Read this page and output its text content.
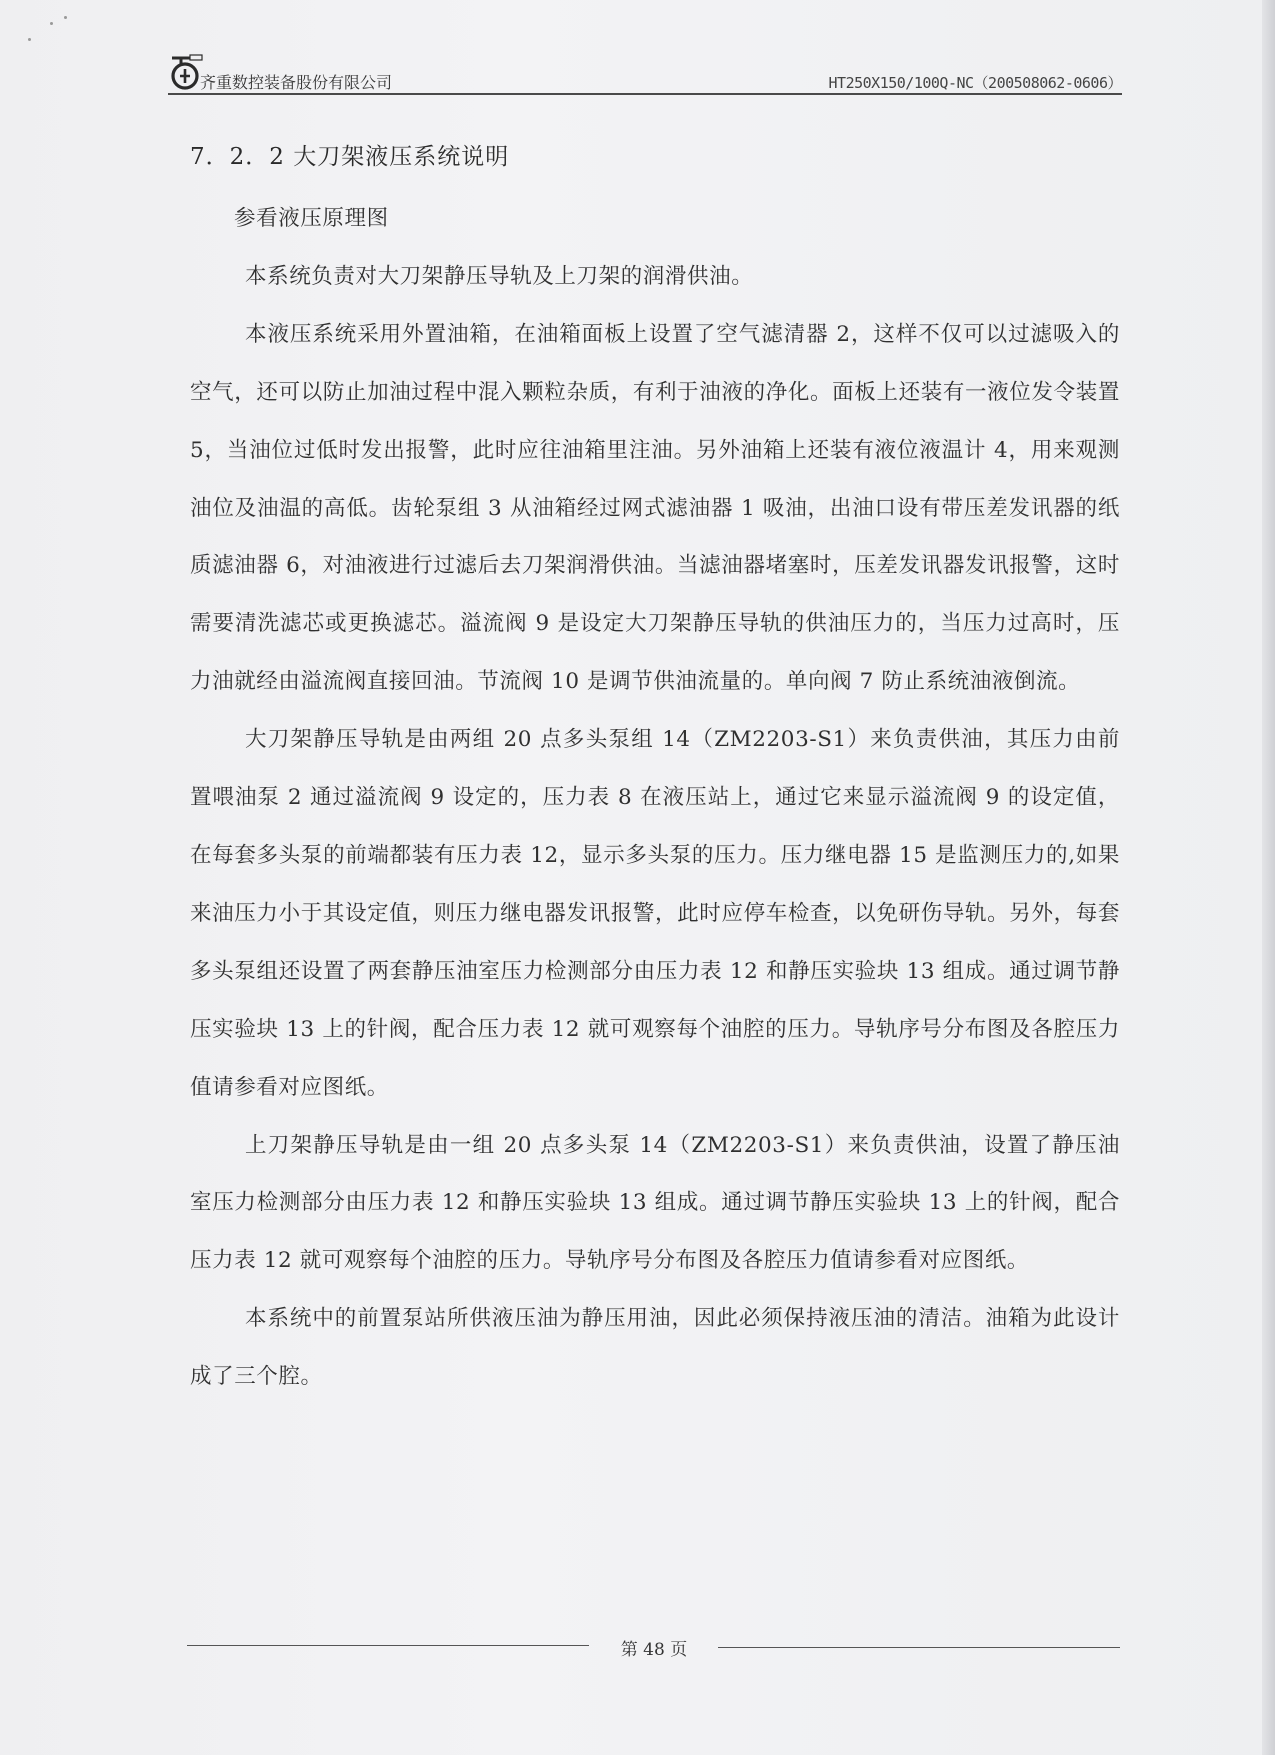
齐重数控装备股份有限公司	HT250X150/100Q-NC（200508062-0606）
7．2．2 大刀架液压系统说明

参看液压原理图

本系统负责对大刀架静压导轨及上刀架的润滑供油。

本液压系统采用外置油箱，在油箱面板上设置了空气滤清器 2，这样不仅可以过滤吸入的空气，还可以防止加油过程中混入颗粒杂质，有利于油液的净化。面板上还装有一液位发令装置 5，当油位过低时发出报警，此时应往油箱里注油。另外油箱上还装有液位液温计 4，用来观测油位及油温的高低。齿轮泵组 3 从油箱经过网式滤油器 1 吸油，出油口设有带压差发讯器的纸质滤油器 6，对油液进行过滤后去刀架润滑供油。当滤油器堵塞时，压差发讯器发讯报警，这时需要清洗滤芯或更换滤芯。溢流阀 9 是设定大刀架静压导轨的供油压力的，当压力过高时，压力油就经由溢流阀直接回油。节流阀 10 是调节供油流量的。单向阀 7 防止系统油液倒流。

大刀架静压导轨是由两组 20 点多头泵组 14（ZM2203-S1）来负责供油，其压力由前置喂油泵 2 通过溢流阀 9 设定的，压力表 8 在液压站上，通过它来显示溢流阀 9 的设定值，在每套多头泵的前端都装有压力表 12，显示多头泵的压力。压力继电器 15 是监测压力的,如果来油压力小于其设定值，则压力继电器发讯报警，此时应停车检查，以免研伤导轨。另外，每套多头泵组还设置了两套静压油室压力检测部分由压力表 12 和静压实验块 13 组成。通过调节静压实验块 13 上的针阀，配合压力表 12 就可观察每个油腔的压力。导轨序号分布图及各腔压力值请参看对应图纸。

上刀架静压导轨是由一组 20 点多头泵 14（ZM2203-S1）来负责供油，设置了静压油室压力检测部分由压力表 12 和静压实验块 13 组成。通过调节静压实验块 13 上的针阀，配合压力表 12 就可观察每个油腔的压力。导轨序号分布图及各腔压力值请参看对应图纸。

本系统中的前置泵站所供液压油为静压用油，因此必须保持液压油的清洁。油箱为此设计成了三个腔。

第 48 页
